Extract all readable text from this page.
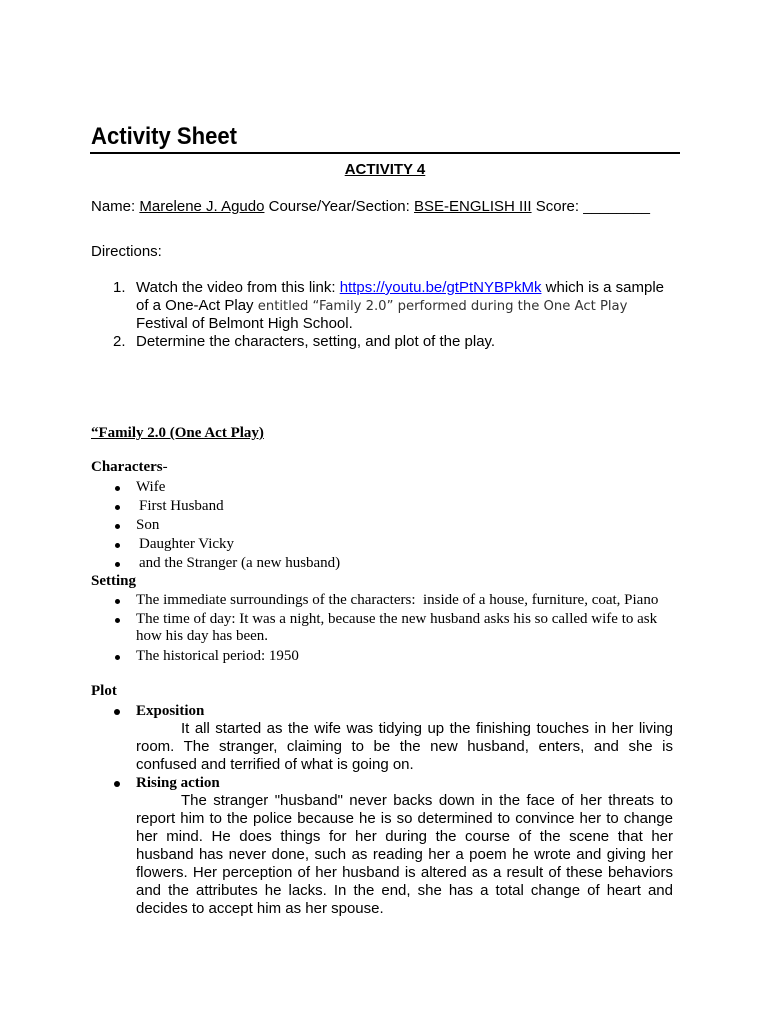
Activity Sheet
ACTIVITY 4
Name: Marelene J. Agudo Course/Year/Section: BSE-ENGLISH III Score: ________
Directions:
1. Watch the video from this link: https://youtu.be/gtPtNYBPkMk which is a sample
of a One-Act Play entitled “Family 2.0” performed during the One Act Play
Festival of Belmont High School.
2. Determine the characters, setting, and plot of the play.
“Family 2.0 (One Act Play)
Characters-
Wife
First Husband
Son
Daughter Vicky
and the Stranger (a new husband)
Setting
The immediate surroundings of the characters:  inside of a house, furniture, coat, Piano
The time of day: It was a night, because the new husband asks his so called wife to ask
how his day has been.
The historical period: 1950
Plot
Exposition
It all started as the wife was tidying up the finishing touches in her living
room. The stranger, claiming to be the new husband, enters, and she is
confused and terrified of what is going on.
Rising action
The stranger "husband" never backs down in the face of her threats to
report him to the police because he is so determined to convince her to change
her mind. He does things for her during the course of the scene that her
husband has never done, such as reading her a poem he wrote and giving her
flowers. Her perception of her husband is altered as a result of these behaviors
and the attributes he lacks. In the end, she has a total change of heart and
decides to accept him as her spouse.
